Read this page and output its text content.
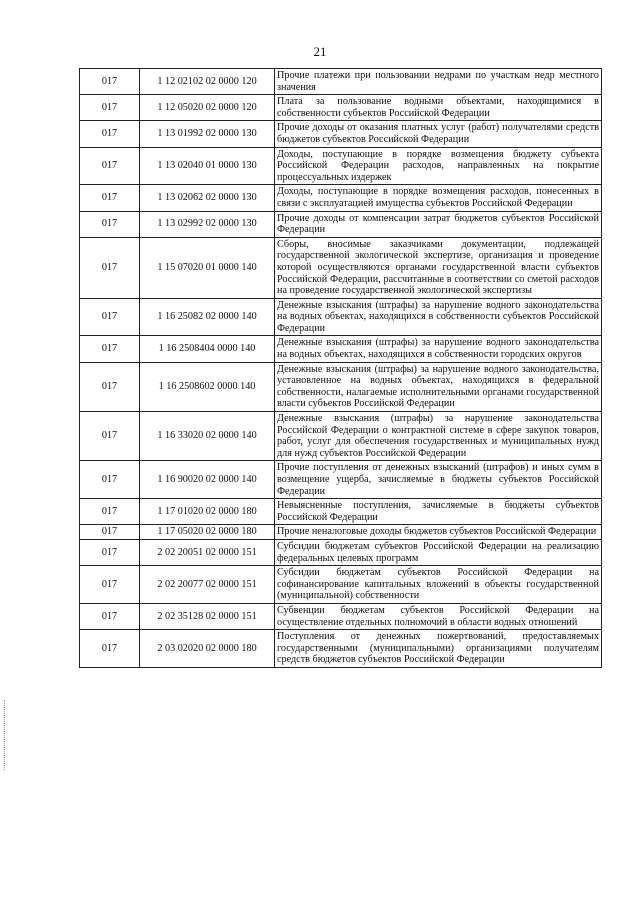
21
017	1 12 02102 02 0000 120	Прочие платежи при пользовании недрами по участкам недр местного значения
017	1 12 05020 02 0000 120	Плата за пользование водными объектами, находящимися в собственности субъектов Российской Федерации
017	1 13 01992 02 0000 130	Прочие доходы от оказания платных услуг (работ) получателями средств бюджетов субъектов Российской Федерации
017	1 13 02040 01 0000 130	Доходы, поступающие в порядке возмещения бюджету субъекта Российской Федерации расходов, направленных на покрытие процессуальных издержек
017	1 13 02062 02 0000 130	Доходы, поступающие в порядке возмещения расходов, понесенных в связи с эксплуатацией имущества субъектов Российской Федерации
017	1 13 02992 02 0000 130	Прочие доходы от компенсации затрат бюджетов субъектов Российской Федерации
017	1 15 07020 01 0000 140	Сборы, вносимые заказчиками документации, подлежащей государственной экологической экспертизе, организация и проведение которой осуществляются органами государственной власти субъектов Российской Федерации, рассчитанные в соответствии со сметой расходов на проведение государственной экологической экспертизы
017	1 16 25082 02 0000 140	Денежные взыскания (штрафы) за нарушение водного законодательства на водных объектах, находящихся в собственности субъектов Российской Федерации
017	1 16 2508404 0000 140	Денежные взыскания (штрафы) за нарушение водного законодательства на водных объектах, находящихся в собственности городских округов
017	1 16 2508602 0000 140	Денежные взыскания (штрафы) за нарушение водного законодательства, установленное на водных объектах, находящихся в федеральной собственности, налагаемые исполнительными органами государственной власти субъектов Российской Федерации
017	1 16 33020 02 0000 140	Денежные взыскания (штрафы) за нарушение законодательства Российской Федерации о контрактной системе в сфере закупок товаров, работ, услуг для обеспечения государственных и муниципальных нужд для нужд субъектов Российской Федерации
017	1 16 90020 02 0000 140	Прочие поступления от денежных взысканий (штрафов) и иных сумм в возмещение ущерба, зачисляемые в бюджеты субъектов Российской Федерации
017	1 17 01020 02 0000 180	Невыясненные поступления, зачисляемые в бюджеты субъектов Российской Федерации
017	1 17 05020 02 0000 180	Прочие неналоговые доходы бюджетов субъектов Российской Федерации
017	2 02 20051 02 0000 151	Субсидии бюджетам субъектов Российской Федерации на реализацию федеральных целевых программ
017	2 02 20077 02 0000 151	Субсидии бюджетам субъектов Российской Федерации на софинансирование капитальных вложений в объекты государственной (муниципальной) собственности
017	2 02 35128 02 0000 151	Субвенции бюджетам субъектов Российской Федерации на осуществление отдельных полномочий в области водных отношений
017	2 03 02020 02 0000 180	Поступления от денежных пожертвований, предоставляемых государственными (муниципальными) организациями получателям средств бюджетов субъектов Российской Федерации
